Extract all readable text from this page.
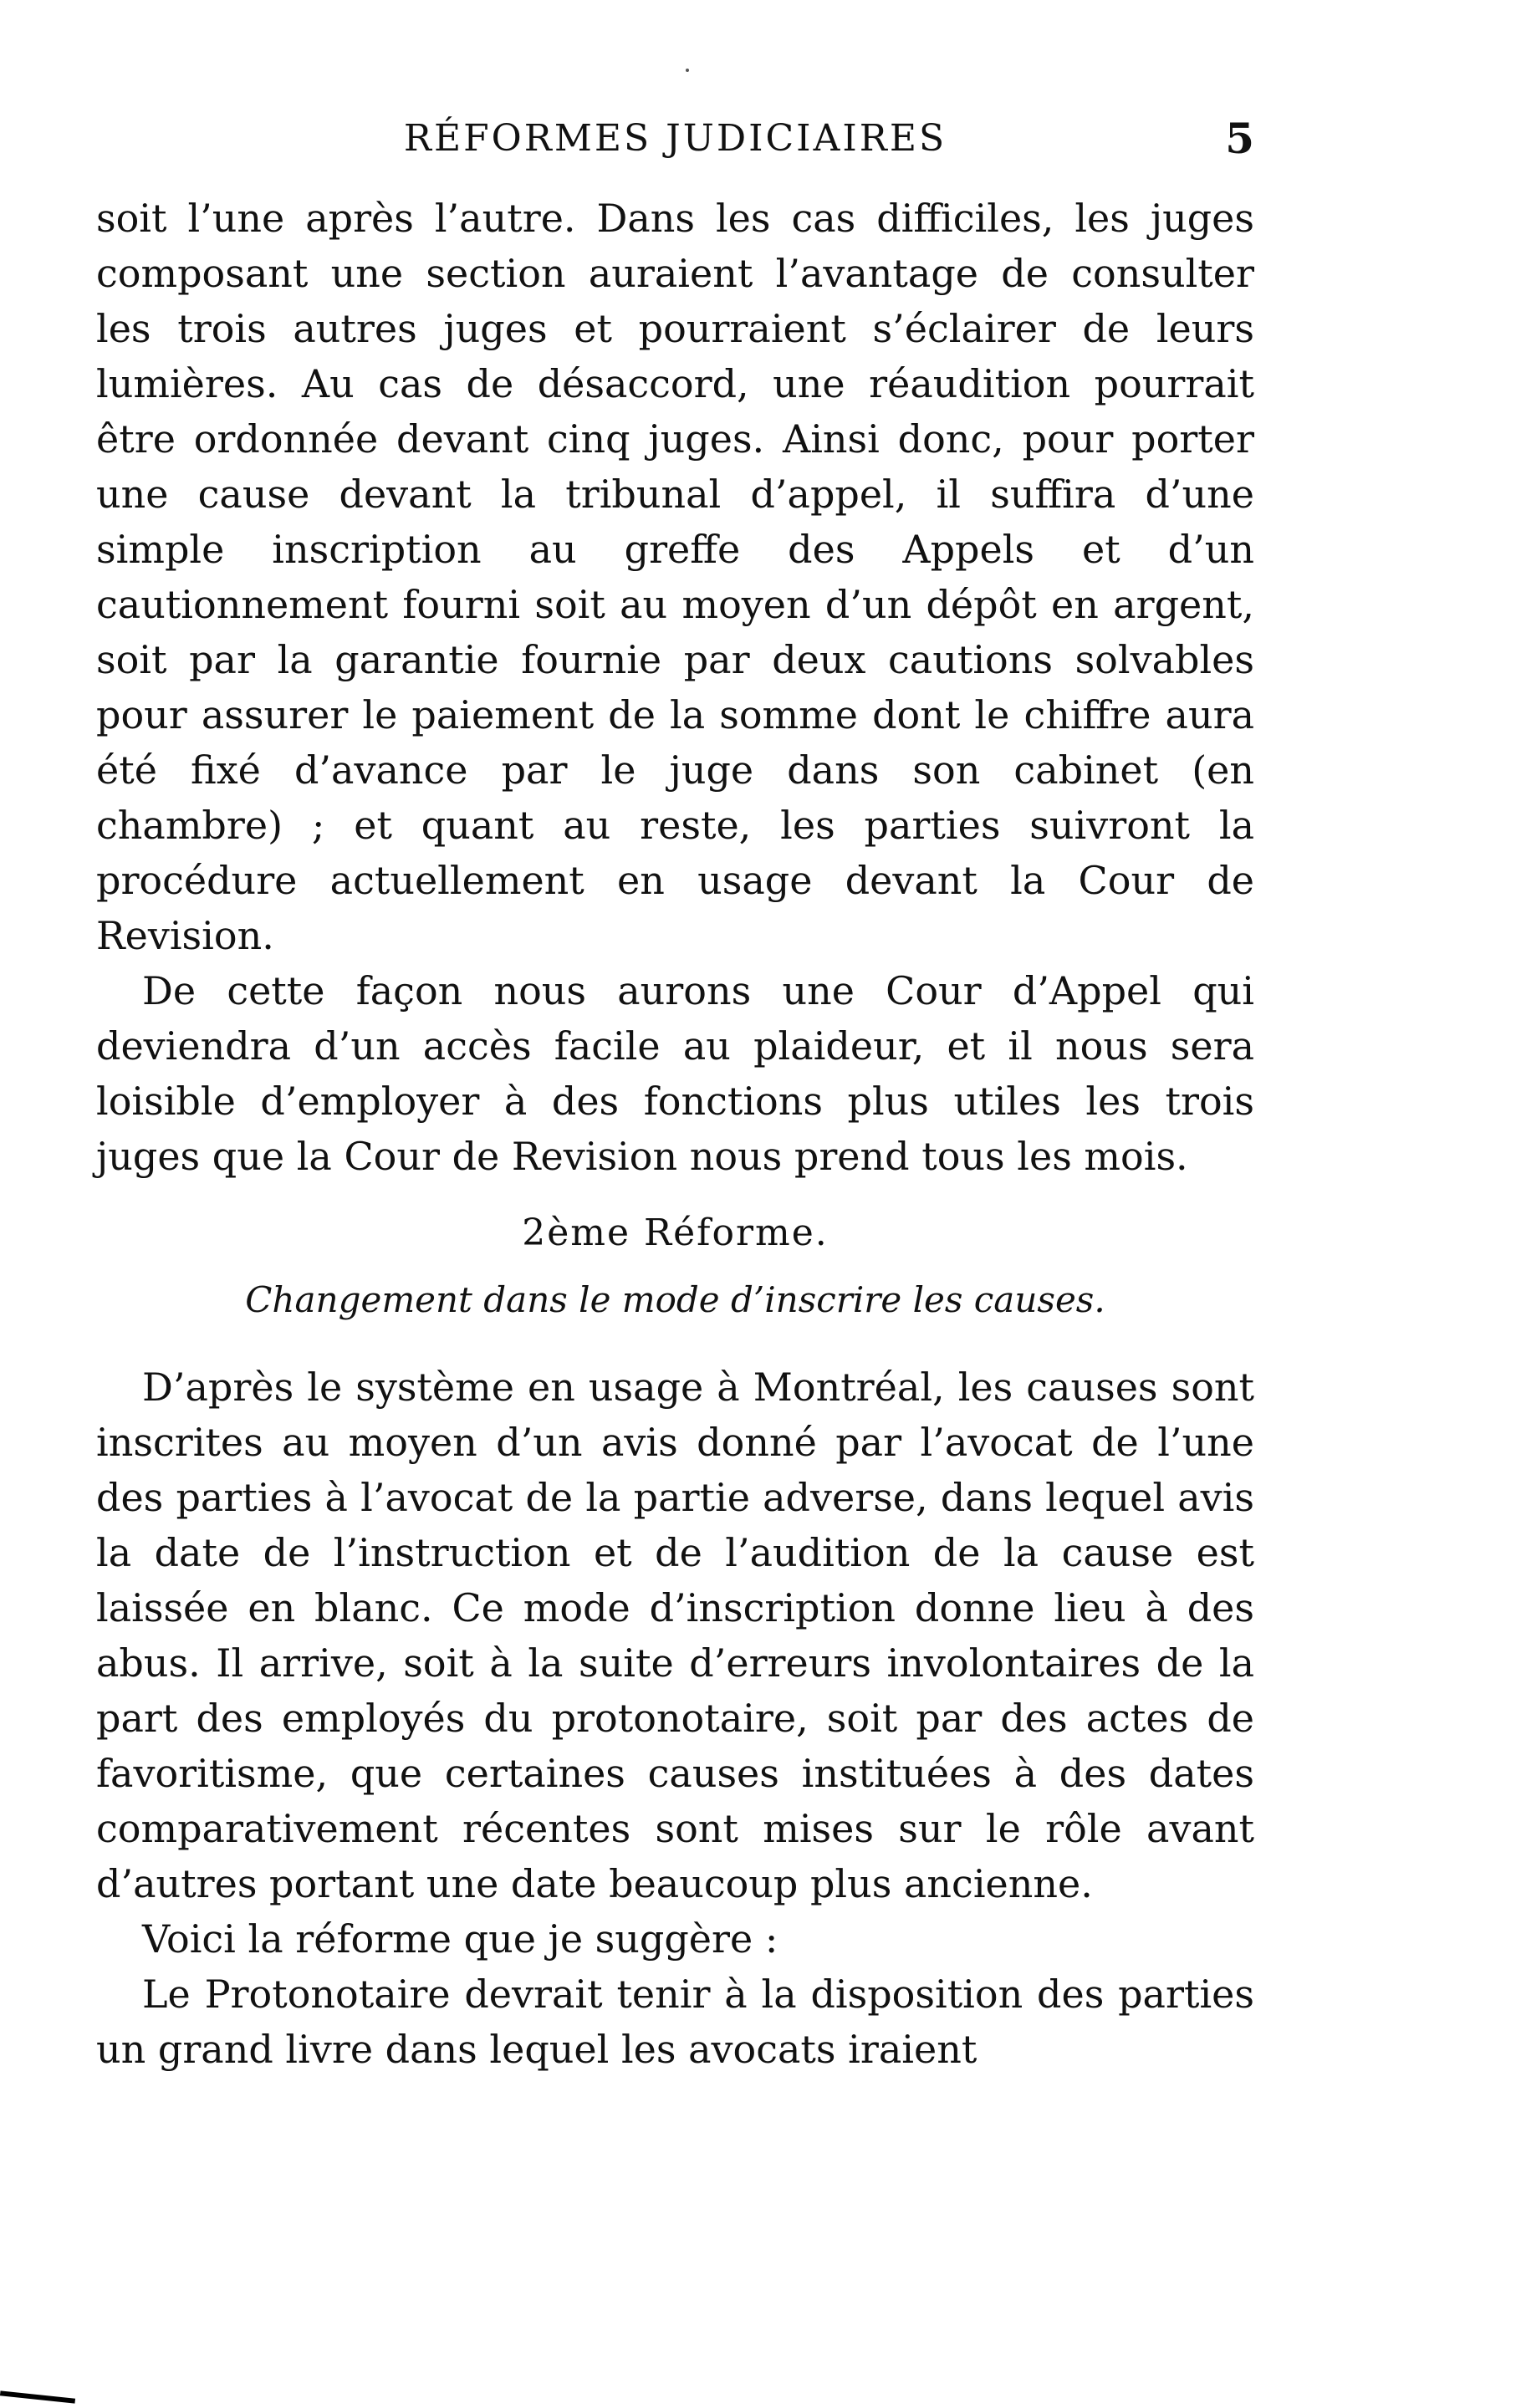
RÉFORMES JUDICIAIRES	5

soit l’une après l’autre. Dans les cas difficiles, les juges composant une section auraient l’avantage de consulter les trois autres juges et pourraient s’éclairer de leurs lumières. Au cas de désaccord, une réaudition pourrait être ordonnée devant cinq juges. Ainsi donc, pour porter une cause devant la tribunal d’appel, il suffira d’une simple inscription au greffe des Appels et d’un cautionnement fourni soit au moyen d’un dépôt en argent, soit par la garantie fournie par deux cautions solvables pour assurer le paiement de la somme dont le chiffre aura été fixé d’avance par le juge dans son cabinet (en chambre) ; et quant au reste, les parties suivront la procédure actuellement en usage devant la Cour de Revision.

De cette façon nous aurons une Cour d’Appel qui deviendra d’un accès facile au plaideur, et il nous sera loisible d’employer à des fonctions plus utiles les trois juges que la Cour de Revision nous prend tous les mois.

2ème Réforme.
Changement dans le mode d’inscrire les causes.

D’après le système en usage à Montréal, les causes sont inscrites au moyen d’un avis donné par l’avocat de l’une des parties à l’avocat de la partie adverse, dans lequel avis la date de l’instruction et de l’audition de la cause est laissée en blanc. Ce mode d’inscription donne lieu à des abus. Il arrive, soit à la suite d’erreurs involontaires de la part des employés du protonotaire, soit par des actes de favoritisme, que certaines causes instituées à des dates comparativement récentes sont mises sur le rôle avant d’autres portant une date beaucoup plus ancienne.

Voici la réforme que je suggère :

Le Protonotaire devrait tenir à la disposition des parties un grand livre dans lequel les avocats iraient
